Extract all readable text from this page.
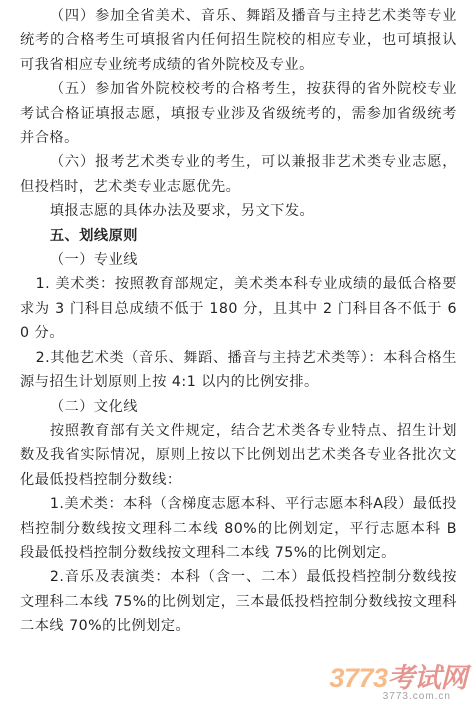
（四）参加全省美术、音乐、舞蹈及播音与主持艺术类等专业统考的合格考生可填报省内任何招生院校的相应专业，也可填报认可我省相应专业统考成绩的省外院校及专业。

（五）参加省外院校校考的合格考生，按获得的省外院校专业考试合格证填报志愿，填报专业涉及省级统考的，需参加省级统考并合格。

（六）报考艺术类专业的考生，可以兼报非艺术类专业志愿，但投档时，艺术类专业志愿优先。

填报志愿的具体办法及要求，另文下发。

五、划线原则

（一）专业线

1. 美术类：按照教育部规定，美术类本科专业成绩的最低合格要求为 3 门科目总成绩不低于 180 分，且其中 2 门科目各不低于 60 分。

2.其他艺术类（音乐、舞蹈、播音与主持艺术类等）：本科合格生源与招生计划原则上按 4:1 以内的比例安排。

（二）文化线

按照教育部有关文件规定，结合艺术类各专业特点、招生计划数及我省实际情况，原则上按以下比例划出艺术类各专业各批次文化最低投档控制分数线：

1.美术类：本科（含梯度志愿本科、平行志愿本科A段）最低投档控制分数线按文理科二本线 80%的比例划定，平行志愿本科 B 段最低投档控制分数线按文理科二本线 75%的比例划定。

2.音乐及表演类：本科（含一、二本）最低投档控制分数线按文理科二本线 75%的比例划定，三本最低投档控制分数线按文理科二本线 70%的比例划定。

3773考试网
3773.com.cn
